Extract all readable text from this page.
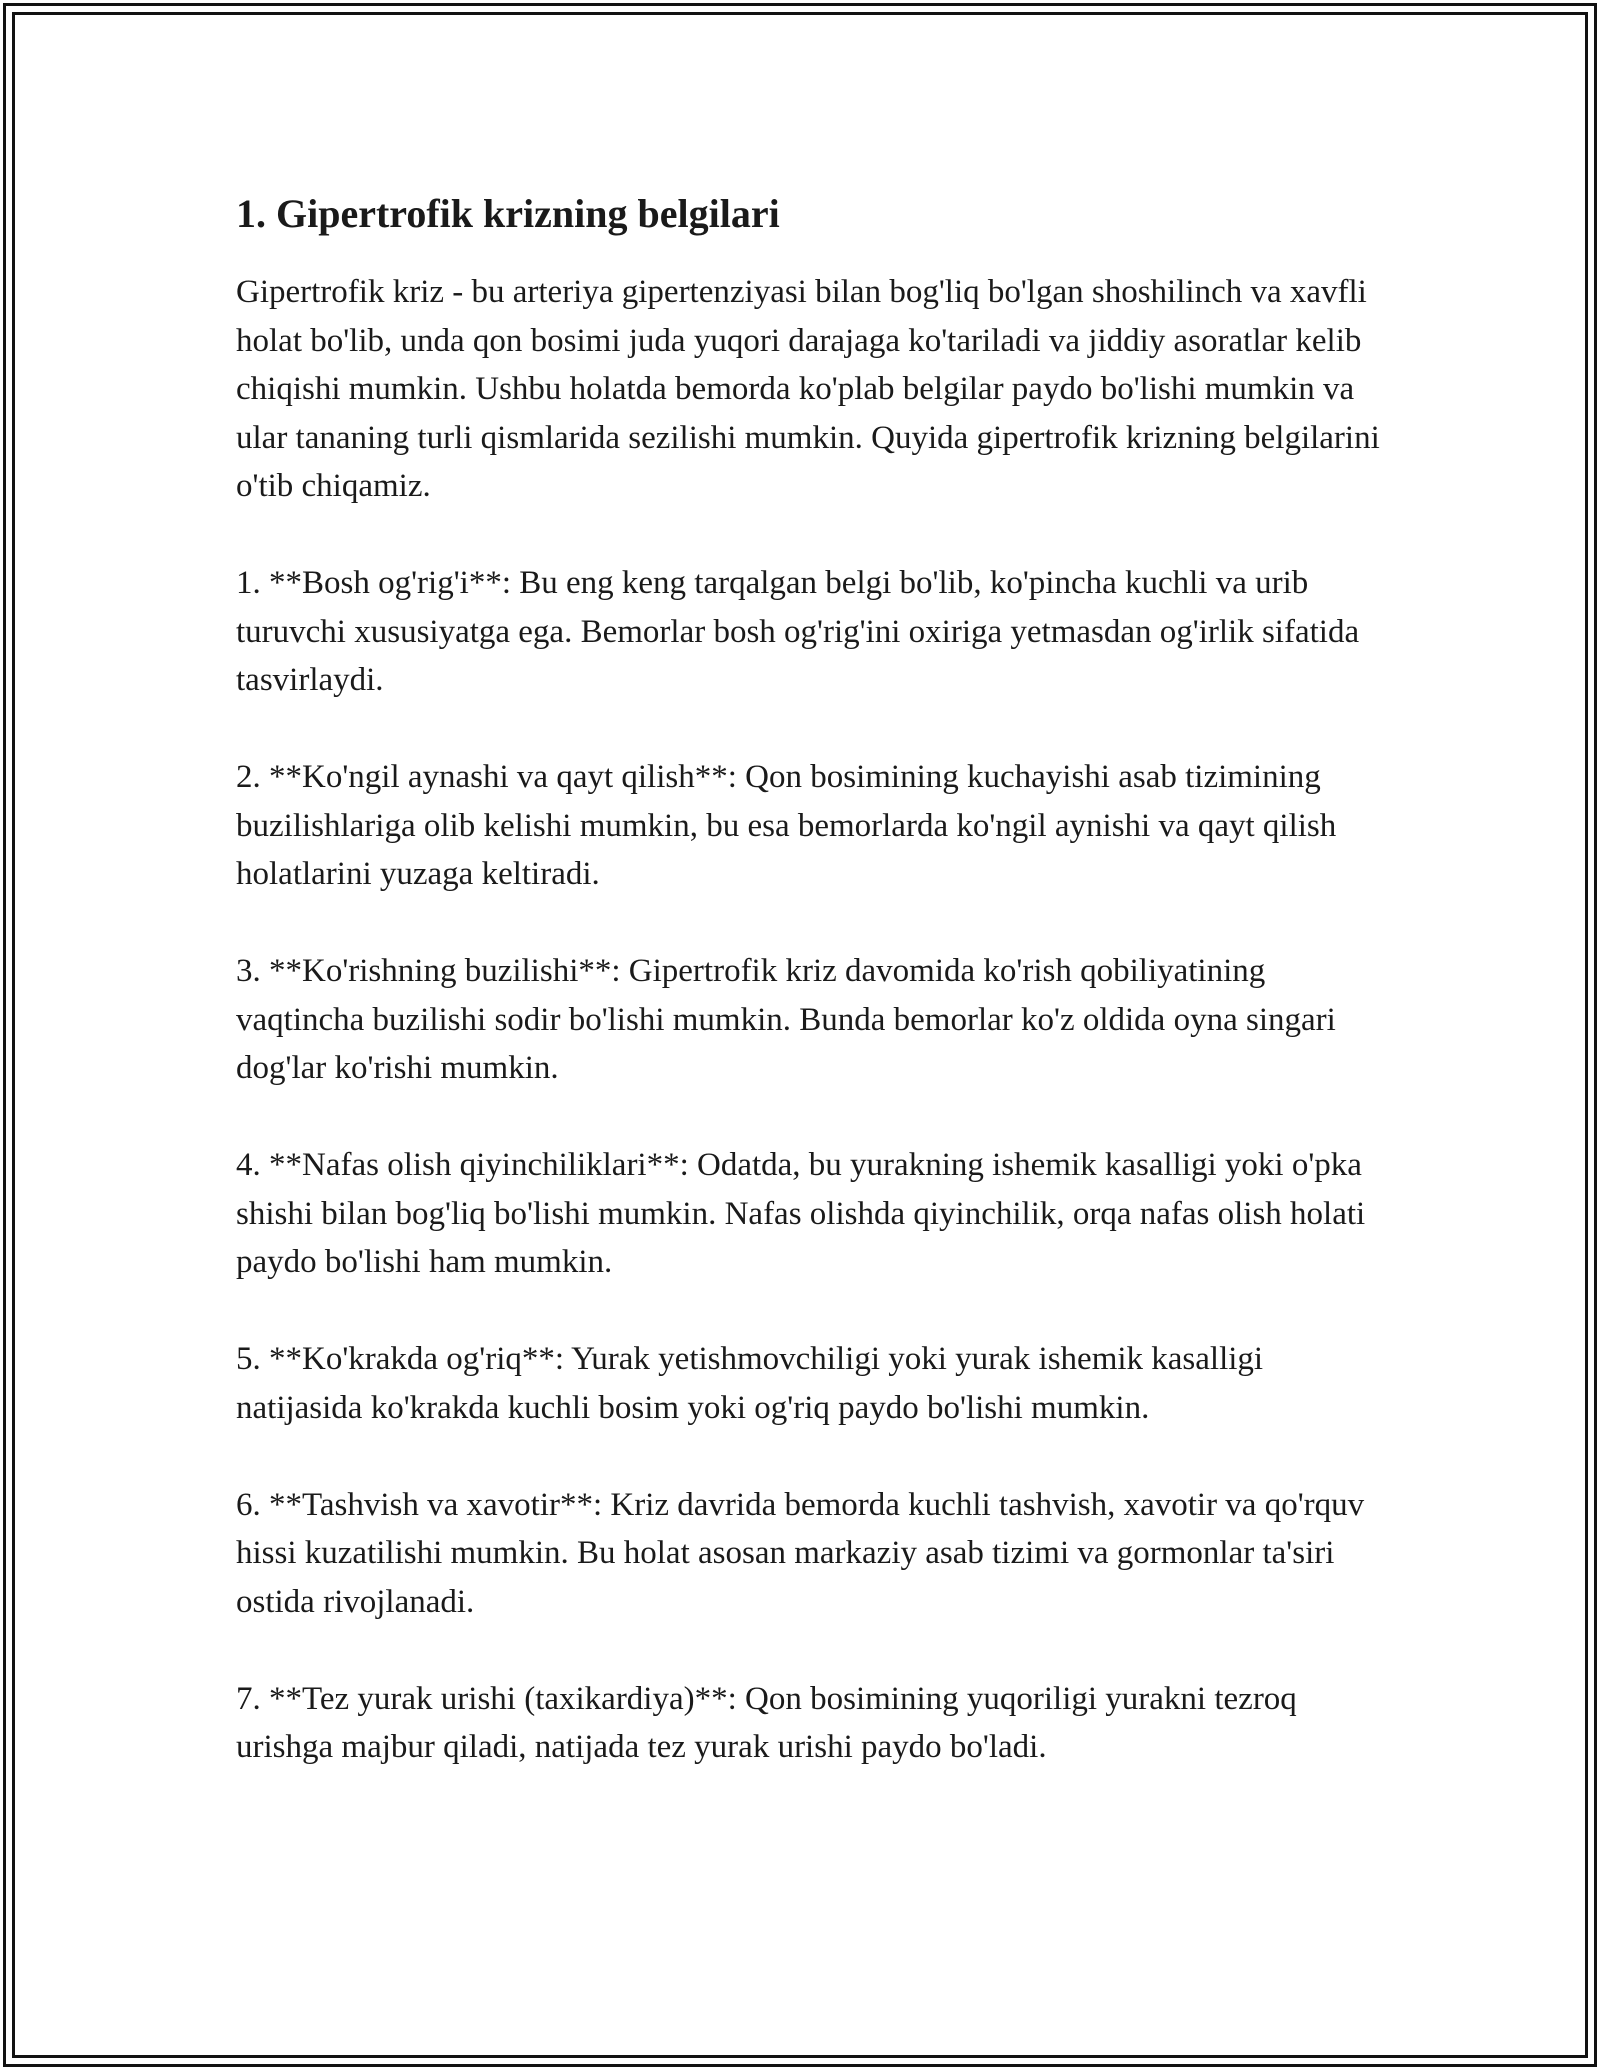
1. Gipertrofik krizning belgilari

Gipertrofik kriz - bu arteriya gipertenziyasi bilan bog'liq bo'lgan shoshilinch va xavfli holat bo'lib, unda qon bosimi juda yuqori darajaga ko'tariladi va jiddiy asoratlar kelib chiqishi mumkin. Ushbu holatda bemorda ko'plab belgilar paydo bo'lishi mumkin va ular tananing turli qismlarida sezilishi mumkin. Quyida gipertrofik krizning belgilarini o'tib chiqamiz.

1. **Bosh og'rig'i**: Bu eng keng tarqalgan belgi bo'lib, ko'pincha kuchli va urib turuvchi xususiyatga ega. Bemorlar bosh og'rig'ini oxiriga yetmasdan og'irlik sifatida tasvirlaydi.

2. **Ko'ngil aynashi va qayt qilish**: Qon bosimining kuchayishi asab tizimining buzilishlariga olib kelishi mumkin, bu esa bemorlarda ko'ngil aynishi va qayt qilish holatlarini yuzaga keltiradi.

3. **Ko'rishning buzilishi**: Gipertrofik kriz davomida ko'rish qobiliyatining vaqtincha buzilishi sodir bo'lishi mumkin. Bunda bemorlar ko'z oldida oyna singari dog'lar ko'rishi mumkin.

4. **Nafas olish qiyinchiliklari**: Odatda, bu yurakning ishemik kasalligi yoki o'pka shishi bilan bog'liq bo'lishi mumkin. Nafas olishda qiyinchilik, orqa nafas olish holati paydo bo'lishi ham mumkin.

5. **Ko'krakda og'riq**: Yurak yetishmovchiligi yoki yurak ishemik kasalligi natijasida ko'krakda kuchli bosim yoki og'riq paydo bo'lishi mumkin.

6. **Tashvish va xavotir**: Kriz davrida bemorda kuchli tashvish, xavotir va qo'rquv hissi kuzatilishi mumkin. Bu holat asosan markaziy asab tizimi va gormonlar ta'siri ostida rivojlanadi.

7. **Tez yurak urishi (taxikardiya)**: Qon bosimining yuqoriligi yurakni tezroq urishga majbur qiladi, natijada tez yurak urishi paydo bo'ladi.
